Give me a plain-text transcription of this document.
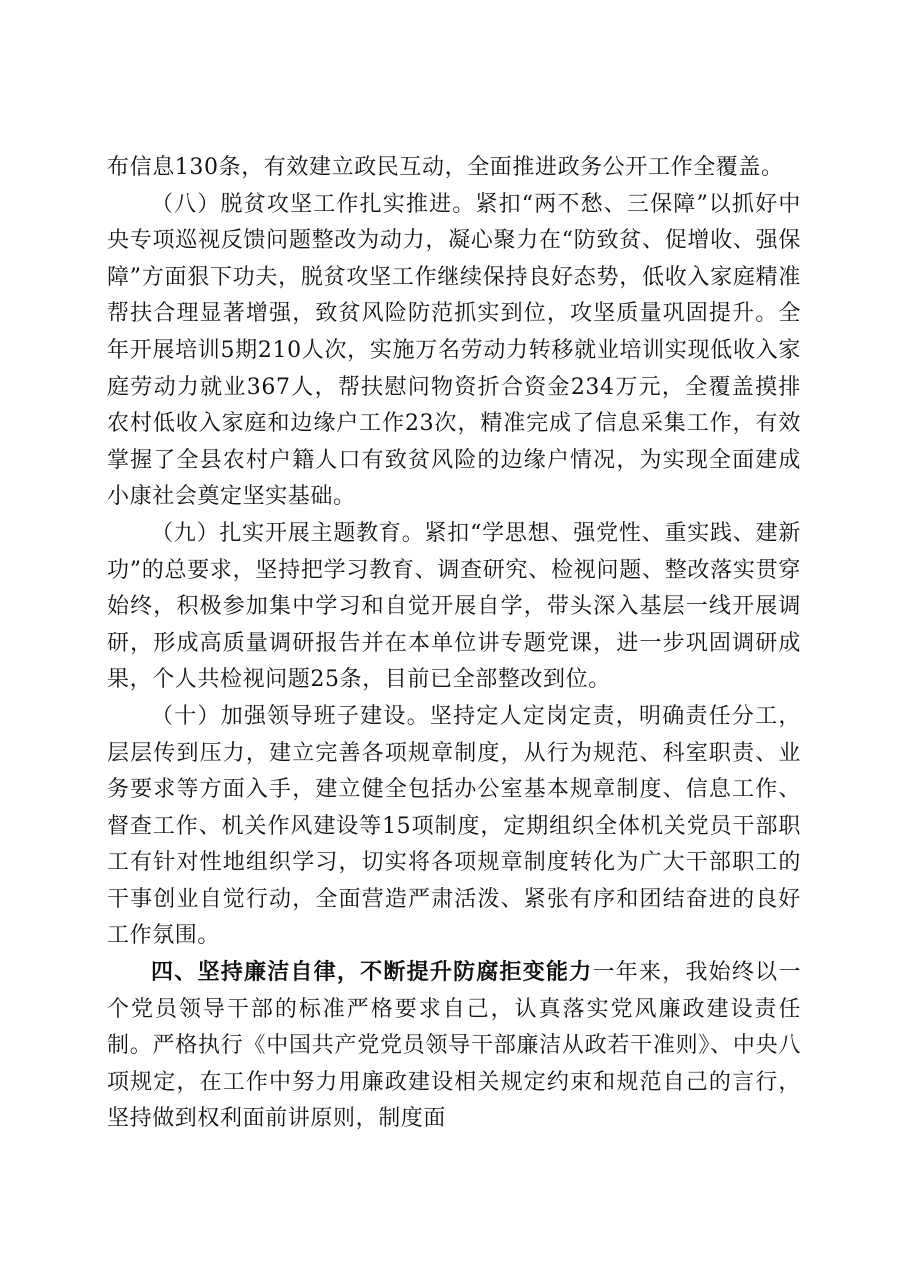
布信息130条，有效建立政民互动，全面推进政务公开工作全覆盖。

（八）脱贫攻坚工作扎实推进。紧扣“两不愁、三保障”以抓好中央专项巡视反馈问题整改为动力，凝心聚力在“防致贫、促增收、强保障”方面狠下功夫，脱贫攻坚工作继续保持良好态势，低收入家庭精准帮扶合理显著增强，致贫风险防范抓实到位，攻坚质量巩固提升。全年开展培训5期210人次，实施万名劳动力转移就业培训实现低收入家庭劳动力就业367人，帮扶慰问物资折合资金234万元，全覆盖摸排农村低收入家庭和边缘户工作23次，精准完成了信息采集工作，有效掌握了全县农村户籍人口有致贫风险的边缘户情况，为实现全面建成小康社会奠定坚实基础。

（九）扎实开展主题教育。紧扣“学思想、强党性、重实践、建新功”的总要求，坚持把学习教育、调查研究、检视问题、整改落实贯穿始终，积极参加集中学习和自觉开展自学，带头深入基层一线开展调研，形成高质量调研报告并在本单位讲专题党课，进一步巩固调研成果，个人共检视问题25条，目前已全部整改到位。

（十）加强领导班子建设。坚持定人定岗定责，明确责任分工，层层传到压力，建立完善各项规章制度，从行为规范、科室职责、业务要求等方面入手，建立健全包括办公室基本规章制度、信息工作、督查工作、机关作风建设等15项制度，定期组织全体机关党员干部职工有针对性地组织学习，切实将各项规章制度转化为广大干部职工的干事创业自觉行动，全面营造严肃活泼、紧张有序和团结奋进的良好工作氛围。

四、坚持廉洁自律，不断提升防腐拒变能力一年来，我始终以一个党员领导干部的标准严格要求自己，认真落实党风廉政建设责任制。严格执行《中国共产党党员领导干部廉洁从政若干准则》、中央八项规定，在工作中努力用廉政建设相关规定约束和规范自己的言行，坚持做到权利面前讲原则，制度面
